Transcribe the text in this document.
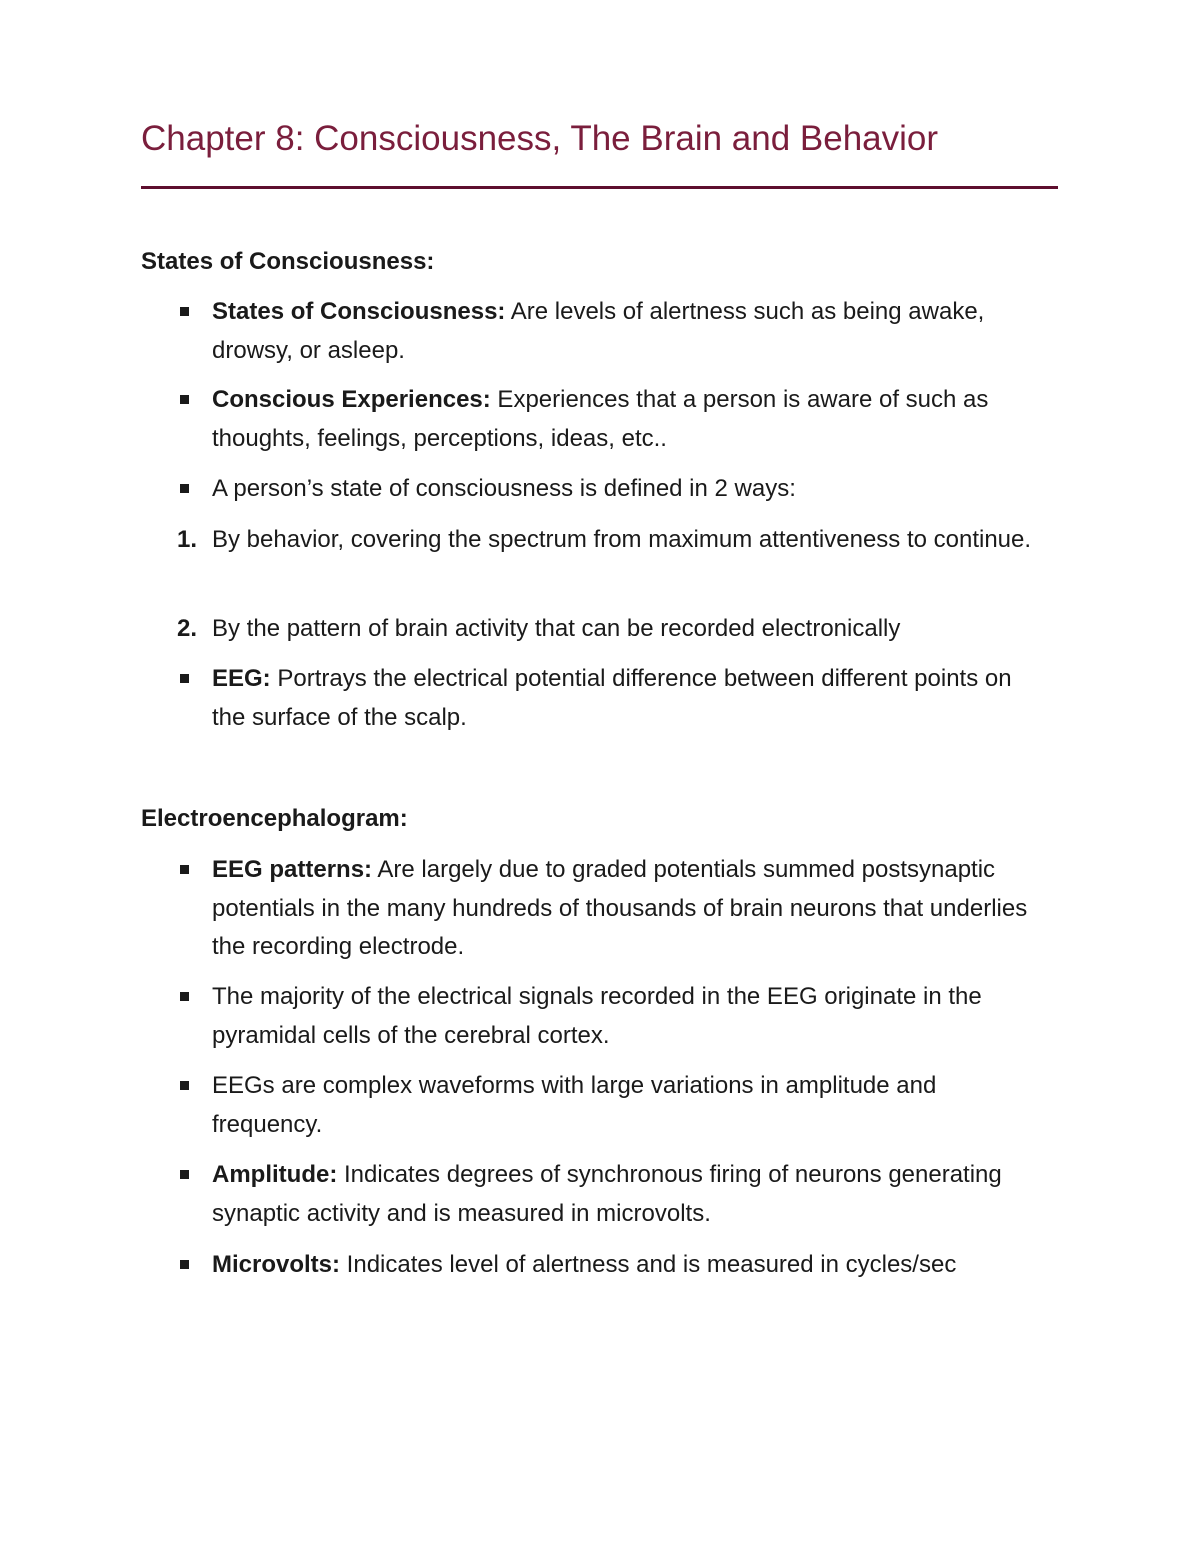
Chapter 8: Consciousness, The Brain and Behavior
States of Consciousness:
States of Consciousness: Are levels of alertness such as being awake, drowsy, or asleep.
Conscious Experiences: Experiences that a person is aware of such as thoughts, feelings, perceptions, ideas, etc..
A person’s state of consciousness is defined in 2 ways:
1. By behavior, covering the spectrum from maximum attentiveness to continue.
2. By the pattern of brain activity that can be recorded electronically
EEG: Portrays the electrical potential difference between different points on the surface of the scalp.
Electroencephalogram:
EEG patterns: Are largely due to graded potentials summed postsynaptic potentials in the many hundreds of thousands of brain neurons that underlies the recording electrode.
The majority of the electrical signals recorded in the EEG originate in the pyramidal cells of the cerebral cortex.
EEGs are complex waveforms with large variations in amplitude and frequency.
Amplitude: Indicates degrees of synchronous firing of neurons generating synaptic activity and is measured in microvolts.
Microvolts: Indicates level of alertness and is measured in cycles/sec
